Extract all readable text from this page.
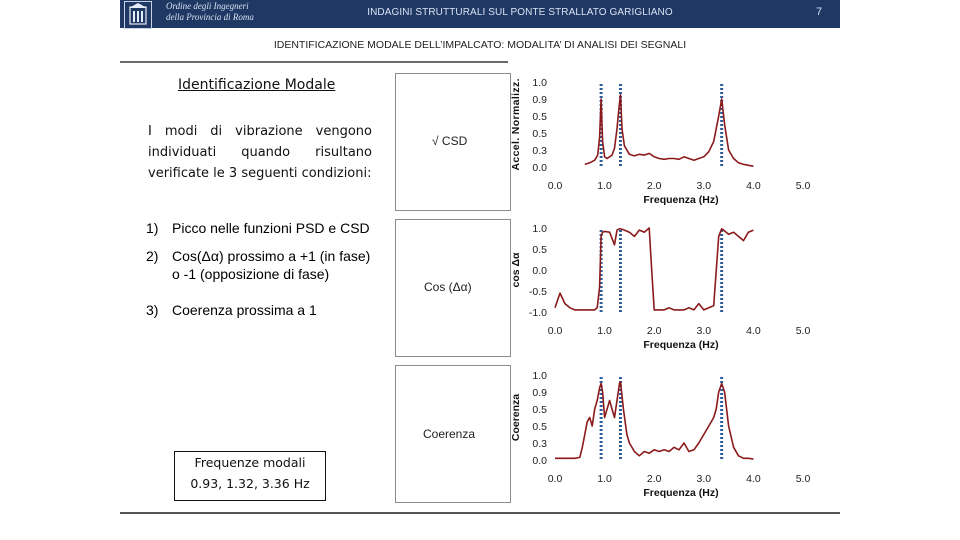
Ordine degli Ingegneri
della Provincia di Roma	INDAGINI STRUTTURALI SUL PONTE STRALLATO GARIGLIANO	7
IDENTIFICAZIONE MODALE DELL’IMPALCATO: MODALITA’ DI ANALISI DEI SEGNALI
√ CSD
Cos (Δα)
Coerenza
Identificazione Modale
I modi di vibrazione vengono individuati quando risultano verificate le 3 seguenti condizioni:
1) Picco nelle funzioni PSD e CSD
2) Cos(Δα) prossimo a +1 (in fase) o -1 (opposizione di fase)
3) Coerenza prossima a 1
Frequenze modali
0.93, 1.32, 3.36 Hz
1.0
0.9
0.5
0.5
0.3
0.0
0.0	1.0	2.0	3.0	4.0	5.0
Frequenza (Hz)
Accel. Normalizz.
1.0
0.5
0.0
-0.5
-1.0
0.0	1.0	2.0	3.0	4.0	5.0
Frequenza (Hz)
cos Δα
1.0
0.9
0.5
0.5
0.3
0.0
0.0	1.0	2.0	3.0	4.0	5.0
Frequenza (Hz)
Coerenza
